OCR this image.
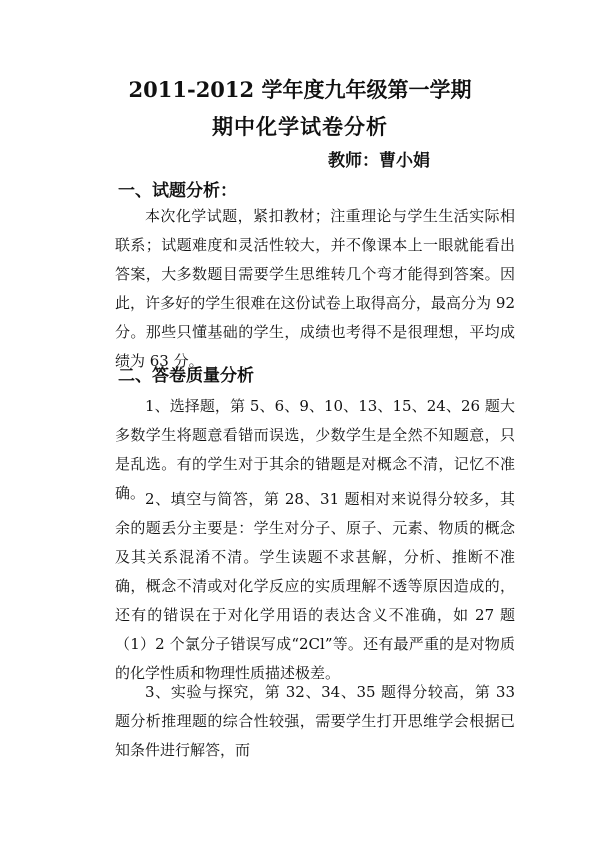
2011-2012 学年度九年级第一学期
期中化学试卷分析
教师：曹小娟
一、试题分析：

本次化学试题，紧扣教材；注重理论与学生生活实际相联系；试题难度和灵活性较大，并不像课本上一眼就能看出答案，大多数题目需要学生思维转几个弯才能得到答案。因此，许多好的学生很难在这份试卷上取得高分，最高分为 92 分。那些只懂基础的学生，成绩也考得不是很理想，平均成绩为 63 分。

二、答卷质量分析

1、选择题，第 5、6、9、10、13、15、24、26 题大多数学生将题意看错而误选，少数学生是全然不知题意，只是乱选。有的学生对于其余的错题是对概念不清，记忆不准确。 2、填空与简答，第 28、31 题相对来说得分较多，其余的题丢分主要是：学生对分子、原子、元素、物质的概念及其关系混淆不清。学生读题不求甚解，分析、推断不准确，概念不清或对化学反应的实质理解不透等原因造成的，还有的错误在于对化学用语的表达含义不准确，如 27 题（1）2 个氯分子错误写成“2Cl”等。还有最严重的是对物质的化学性质和物理性质描述极差。

3、实验与探究，第 32、34、35 题得分较高，第 33 题分析推理题的综合性较强，需要学生打开思维学会根据已知条件进行解答，而
